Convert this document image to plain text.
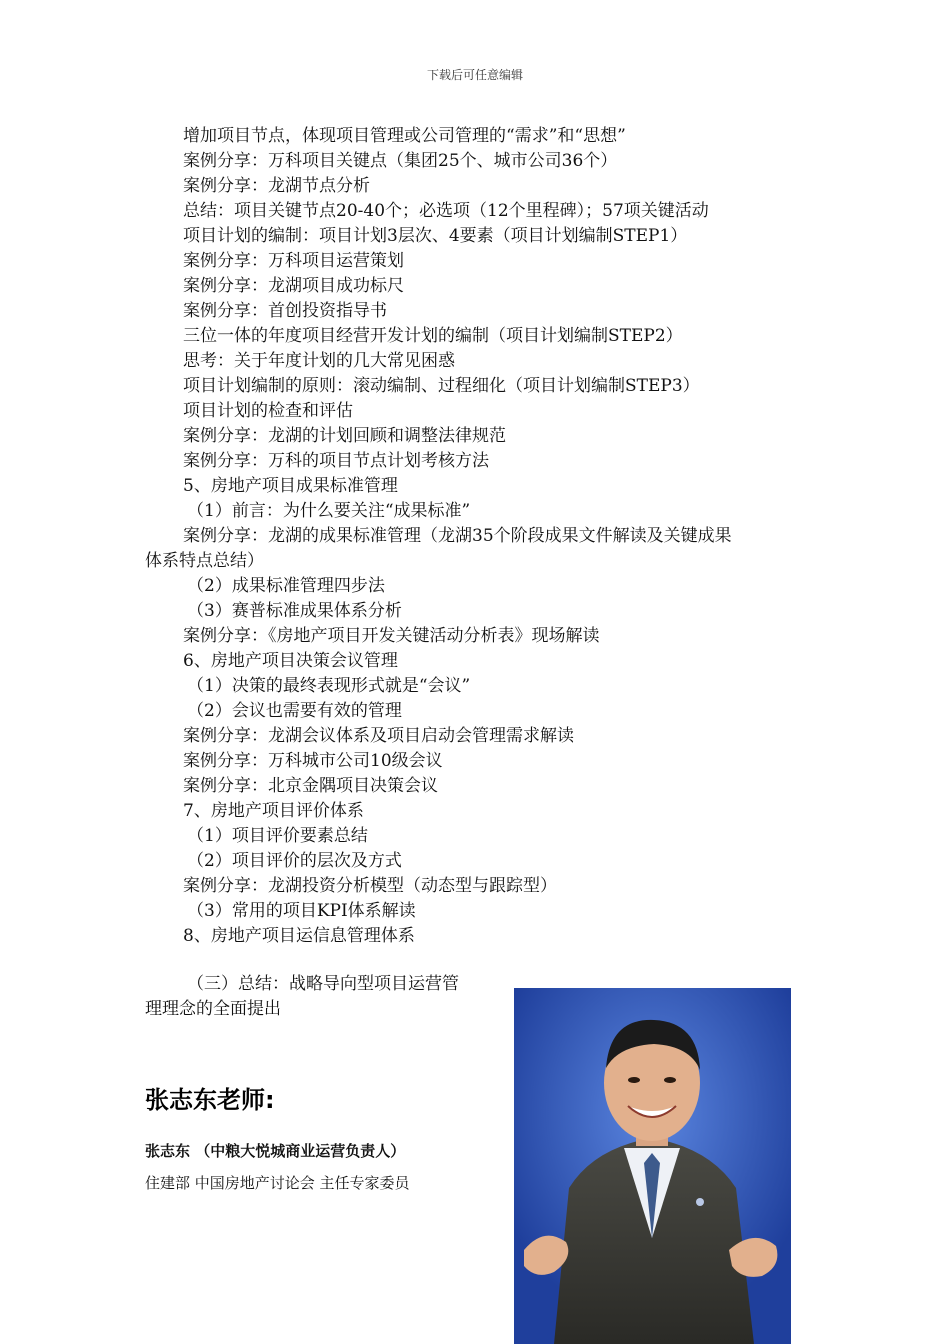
下载后可任意编辑
增加项目节点，体现项目管理或公司管理的“需求”和“思想”
案例分享：万科项目关键点（集团25个、城市公司36个）
案例分享：龙湖节点分析
总结：项目关键节点20-40个；必选项（12个里程碑）；57项关键活动
项目计划的编制：项目计划3层次、4要素（项目计划编制STEP1）
案例分享：万科项目运营策划
案例分享：龙湖项目成功标尺
案例分享：首创投资指导书
三位一体的年度项目经营开发计划的编制（项目计划编制STEP2）
思考：关于年度计划的几大常见困惑
项目计划编制的原则：滚动编制、过程细化（项目计划编制STEP3）
项目计划的检查和评估
案例分享：龙湖的计划回顾和调整法律规范
案例分享：万科的项目节点计划考核方法
5、房地产项目成果标准管理
（1）前言：为什么要关注“成果标准”
案例分享：龙湖的成果标准管理（龙湖35个阶段成果文件解读及关键成果
体系特点总结）
（2）成果标准管理四步法
（3）赛普标准成果体系分析
案例分享：《房地产项目开发关键活动分析表》现场解读
6、房地产项目决策会议管理
（1）决策的最终表现形式就是“会议”
（2）会议也需要有效的管理
案例分享：龙湖会议体系及项目启动会管理需求解读
案例分享：万科城市公司10级会议
案例分享：北京金隅项目决策会议
7、房地产项目评价体系
（1）项目评价要素总结
（2）项目评价的层次及方式
案例分享：龙湖投资分析模型（动态型与跟踪型）
（3）常用的项目KPI体系解读
8、房地产项目运信息管理体系
（三）总结：战略导向型项目运营管
理理念的全面提出
张志东老师:
张志东 （中粮大悦城商业运营负责人）
住建部 中国房地产讨论会 主任专家委员
